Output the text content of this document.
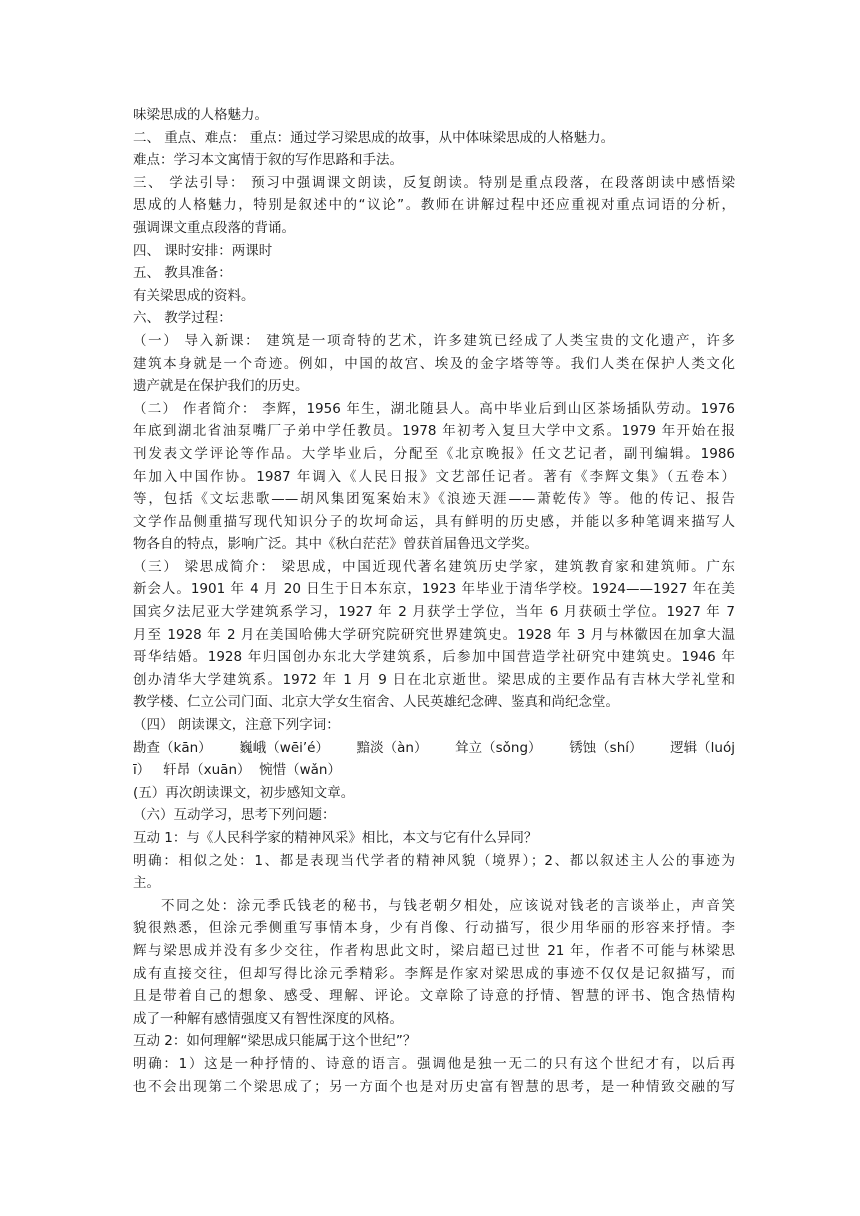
味梁思成的人格魅力。
二、 重点、难点： 重点：通过学习梁思成的故事，从中体味梁思成的人格魅力。
难点：学习本文寓情于叙的写作思路和手法。
三、 学法引导： 预习中强调课文朗读，反复朗读。特别是重点段落，在段落朗读中感悟梁
思成的人格魅力，特别是叙述中的“议论”。教师在讲解过程中还应重视对重点词语的分析，
强调课文重点段落的背诵。
四、 课时安排：两课时
五、 教具准备：
有关梁思成的资料。
六、 教学过程：
（一） 导入新课： 建筑是一项奇特的艺术，许多建筑已经成了人类宝贵的文化遗产，许多
建筑本身就是一个奇迹。例如，中国的故宫、埃及的金字塔等等。我们人类在保护人类文化
遗产就是在保护我们的历史。
（二） 作者简介： 李辉，1956 年生，湖北随县人。高中毕业后到山区茶场插队劳动。1976
年底到湖北省油泵嘴厂子弟中学任教员。1978 年初考入复旦大学中文系。1979 年开始在报
刊发表文学评论等作品。大学毕业后，分配至《北京晚报》任文艺记者，副刊编辑。1986
年加入中国作协。1987 年调入《人民日报》文艺部任记者。著有《李辉文集》（五卷本）
等，包括《文坛悲歌——胡风集团冤案始末》《浪迹天涯——萧乾传》等。他的传记、报告
文学作品侧重描写现代知识分子的坎坷命运，具有鲜明的历史感，并能以多种笔调来描写人
物各自的特点，影响广泛。其中《秋白茫茫》曾获首届鲁迅文学奖。
（三） 梁思成简介： 梁思成，中国近现代著名建筑历史学家，建筑教育家和建筑师。广东
新会人。1901 年 4 月 20 日生于日本东京，1923 年毕业于清华学校。1924——1927 年在美
国宾夕法尼亚大学建筑系学习，1927 年 2 月获学士学位，当年 6 月获硕士学位。1927 年 7
月至 1928 年 2 月在美国哈佛大学研究院研究世界建筑史。1928 年 3 月与林徽因在加拿大温
哥华结婚。1928 年归国创办东北大学建筑系，后参加中国营造学社研究中建筑史。1946 年
创办清华大学建筑系。1972 年 1 月 9 日在北京逝世。梁思成的主要作品有吉林大学礼堂和
教学楼、仁立公司门面、北京大学女生宿舍、人民英雄纪念碑、鉴真和尚纪念堂。
（四） 朗读课文，注意下列字词：
勘查（kān） 巍峨（wēi’é） 黯淡（àn） 耸立（sǒng） 锈蚀（shí） 逻辑（luój
ī）   轩昂（xuān）  惋惜（wǎn）
(五）再次朗读课文，初步感知文章。
（六）互动学习，思考下列问题：
互动 1：与《人民科学家的精神风采》相比，本文与它有什么异同？
明确：相似之处：1、都是表现当代学者的精神风貌（境界）；2、都以叙述主人公的事迹为
主。
不同之处：涂元季氏钱老的秘书，与钱老朝夕相处，应该说对钱老的言谈举止，声音笑
貌很熟悉，但涂元季侧重写事情本身，少有肖像、行动描写，很少用华丽的形容来抒情。李
辉与梁思成并没有多少交往，作者构思此文时，梁启超已过世 21 年，作者不可能与林梁思
成有直接交往，但却写得比涂元季精彩。李辉是作家对梁思成的事迹不仅仅是记叙描写，而
且是带着自己的想象、感受、理解、评论。文章除了诗意的抒情、智慧的评书、饱含热情构
成了一种解有感情强度又有智性深度的风格。
互动 2：如何理解“梁思成只能属于这个世纪”？
明确：1）这是一种抒情的、诗意的语言。强调他是独一无二的只有这个世纪才有，以后再
也不会出现第二个梁思成了；另一方面个也是对历史富有智慧的思考，是一种情致交融的写
